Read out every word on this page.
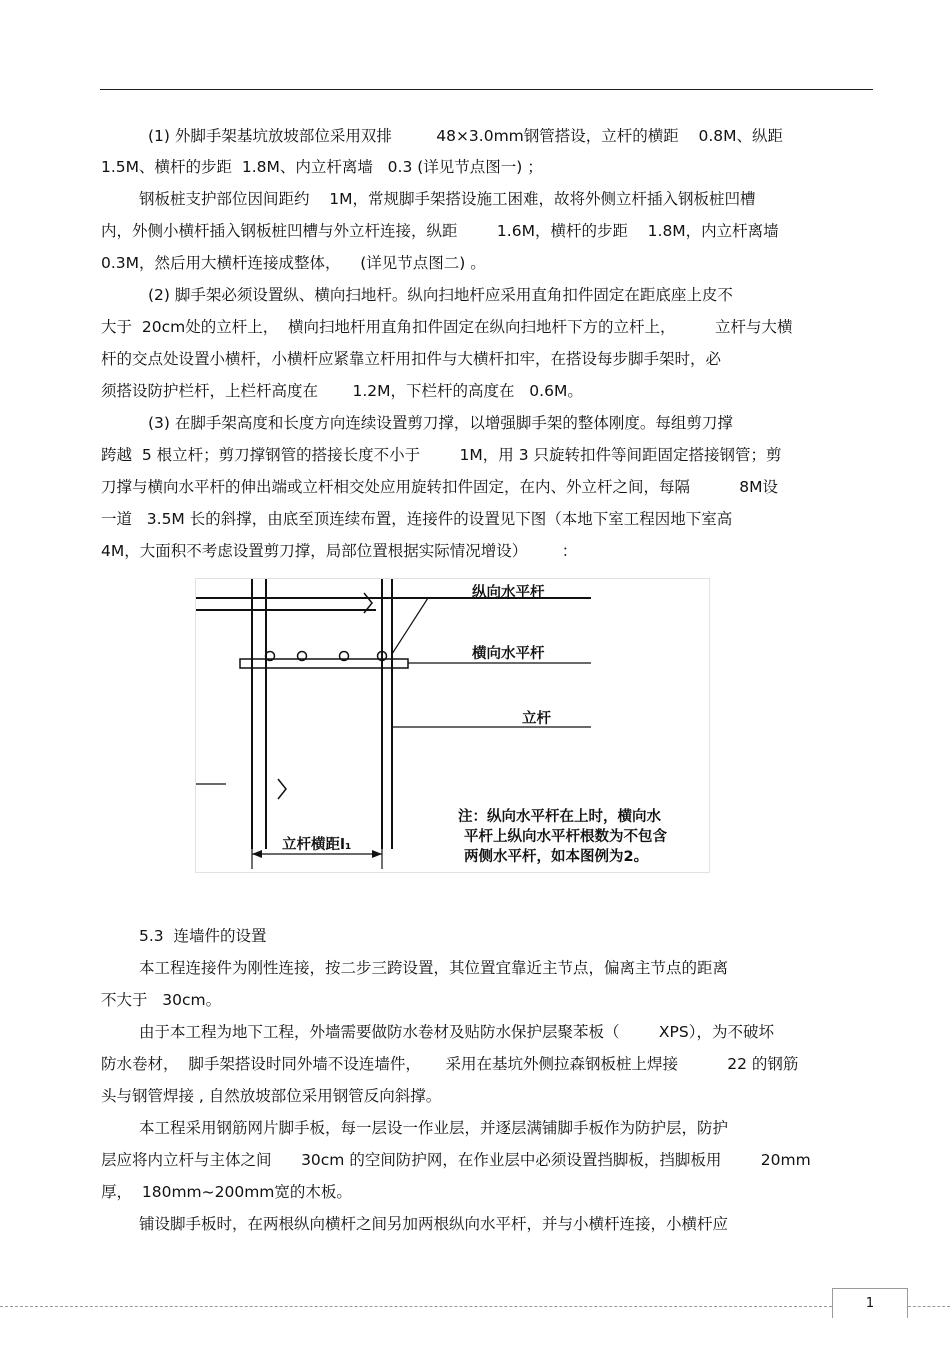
(1) 外脚手架基坑放坡部位采用双排         48×3.0mm钢管搭设，立杆的横距    0.8M、纵距
1.5M、横杆的步距  1.8M、内立杆离墙   0.3 (详见节点图一) ；
钢板桩支护部位因间距约    1M，常规脚手架搭设施工困难，故将外侧立杆插入钢板桩凹槽
内，外侧小横杆插入钢板桩凹槽与外立杆连接，纵距        1.6M，横杆的步距    1.8M，内立杆离墙
0.3M，然后用大横杆连接成整体，    (详见节点图二) 。
(2) 脚手架必须设置纵、横向扫地杆。纵向扫地杆应采用直角扣件固定在距底座上皮不
大于  20cm处的立杆上，  横向扫地杆用直角扣件固定在纵向扫地杆下方的立杆上，        立杆与大横
杆的交点处设置小横杆，小横杆应紧靠立杆用扣件与大横杆扣牢，在搭设每步脚手架时，必
须搭设防护栏杆，上栏杆高度在       1.2M，下栏杆的高度在   0.6M。
(3) 在脚手架高度和长度方向连续设置剪刀撑，以增强脚手架的整体刚度。每组剪刀撑
跨越  5 根立杆；剪刀撑钢管的搭接长度不小于        1M，用 3 只旋转扣件等间距固定搭接钢管；剪
刀撑与横向水平杆的伸出端或立杆相交处应用旋转扣件固定，在内、外立杆之间，每隔          8M设
一道   3.5M 长的斜撑，由底至顶连续布置，连接件的设置见下图（本地下室工程因地下室高
4M，大面积不考虑设置剪刀撑，局部位置根据实际情况增设）       ：
5.3  连墙件的设置
本工程连接件为刚性连接，按二步三跨设置，其位置宜靠近主节点，偏离主节点的距离
不大于   30cm。
由于本工程为地下工程，外墙需要做防水卷材及贴防水保护层聚苯板（        XPS），为不破坏
防水卷材，  脚手架搭设时同外墙不设连墙件，     采用在基坑外侧拉森钢板桩上焊接          22 的钢筋
头与钢管焊接 , 自然放坡部位采用钢管反向斜撑。
本工程采用钢筋网片脚手板，每一层设一作业层，并逐层满铺脚手板作为防护层，防护
层应将内立杆与主体之间      30cm 的空间防护网，在作业层中必须设置挡脚板，挡脚板用        20mm
厚，  180mm~200mm宽的木板。
铺设脚手板时，在两根纵向横杆之间另加两根纵向水平杆，并与小横杆连接，小横杆应
纵向水平杆
横向水平杆
立杆
立杆横距l₁
注：纵向水平杆在上时，横向水
平杆上纵向水平杆根数为不包含
两侧水平杆，如本图例为2。
1
